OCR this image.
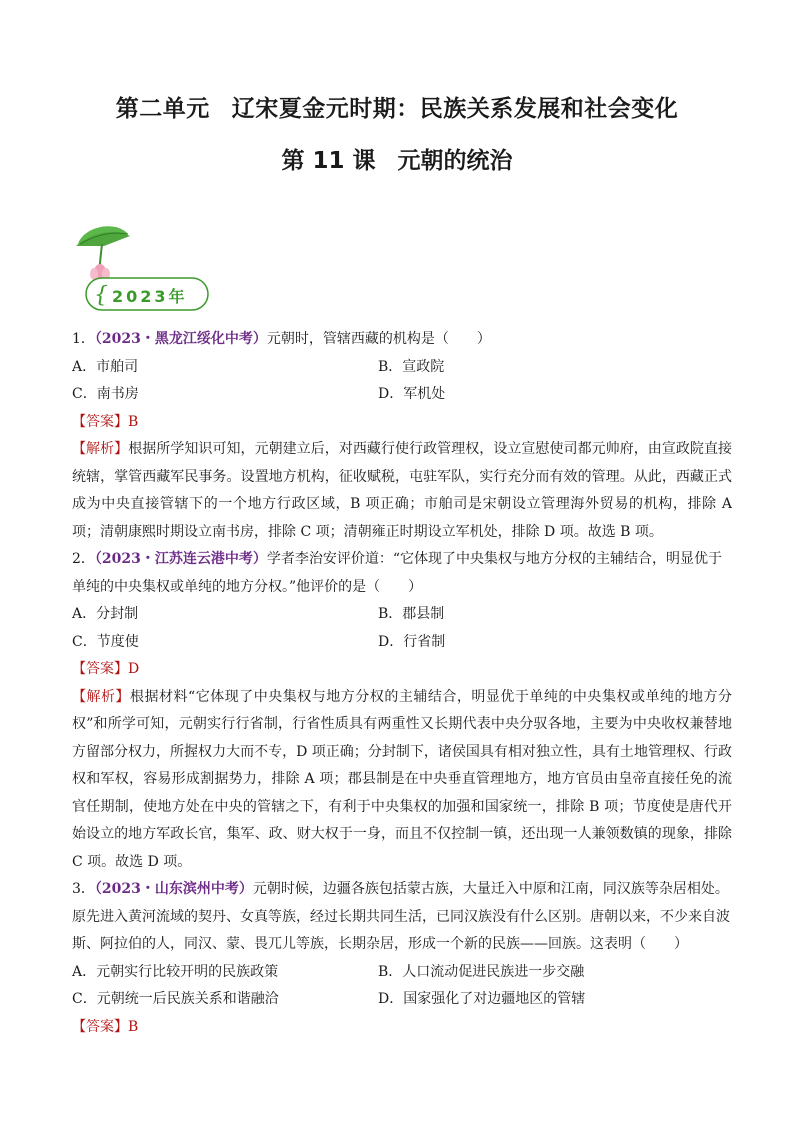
第二单元 辽宋夏金元时期：民族关系发展和社会变化
第 11 课 元朝的统治
{ 2023年

1．（2023・黑龙江绥化中考）元朝时，管辖西藏的机构是（　　）

A．市舶司	B．宣政院
C．南书房	D．军机处
【答案】B

【解析】根据所学知识可知，元朝建立后，对西藏行使行政管理权，设立宣慰使司都元帅府，由宣政院直接统辖，掌管西藏军民事务。设置地方机构，征收赋税，屯驻军队，实行充分而有效的管理。从此，西藏正式成为中央直接管辖下的一个地方行政区域，B 项正确；市舶司是宋朝设立管理海外贸易的机构，排除 A 项；清朝康熙时期设立南书房，排除 C 项；清朝雍正时期设立军机处，排除 D 项。故选 B 项。

2．（2023・江苏连云港中考）学者李治安评价道：“它体现了中央集权与地方分权的主辅结合，明显优于单纯的中央集权或单纯的地方分权。”他评价的是（　　）

A．分封制	B．郡县制
C．节度使	D．行省制
【答案】D

【解析】根据材料“它体现了中央集权与地方分权的主辅结合，明显优于单纯的中央集权或单纯的地方分权”和所学可知，元朝实行行省制，行省性质具有两重性又长期代表中央分驭各地，主要为中央收权兼替地方留部分权力，所握权力大而不专，D 项正确；分封制下，诸侯国具有相对独立性，具有土地管理权、行政权和军权，容易形成割据势力，排除 A 项；郡县制是在中央垂直管理地方，地方官员由皇帝直接任免的流官任期制，使地方处在中央的管辖之下，有利于中央集权的加强和国家统一，排除 B 项；节度使是唐代开始设立的地方军政长官，集军、政、财大权于一身，而且不仅控制一镇，还出现一人兼领数镇的现象，排除 C 项。故选 D 项。

3．（2023・山东滨州中考）元朝时候，边疆各族包括蒙古族，大量迁入中原和江南，同汉族等杂居相处。原先进入黄河流域的契丹、女真等族，经过长期共同生活，已同汉族没有什么区别。唐朝以来，不少来自波斯、阿拉伯的人，同汉、蒙、畏兀儿等族，长期杂居，形成一个新的民族——回族。这表明（　　）

A．元朝实行比较开明的民族政策	B．人口流动促进民族进一步交融
C．元朝统一后民族关系和谐融洽	D．国家强化了对边疆地区的管辖
【答案】B
